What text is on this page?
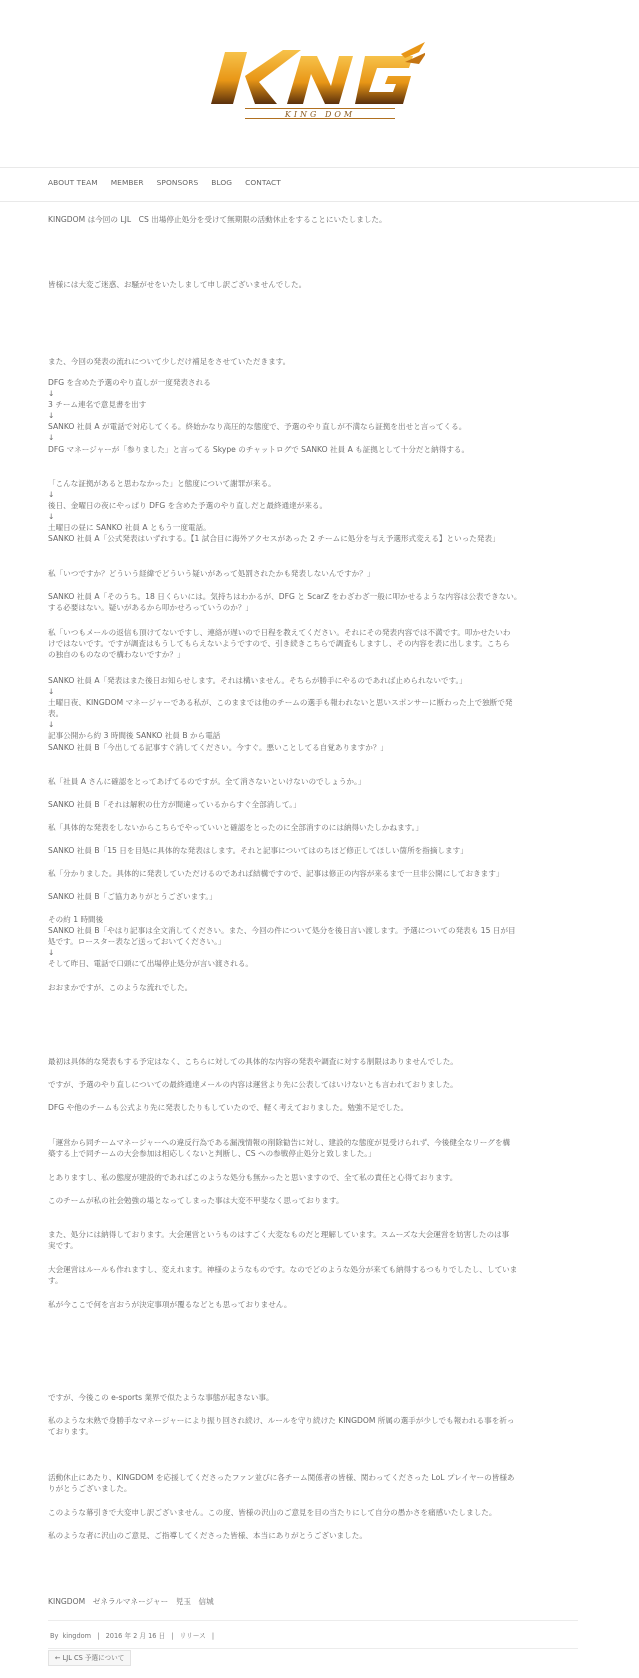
KING DOM
ABOUT TEAM MEMBER SPONSORS BLOG CONTACT

KINGDOM は今回の LJL　CS 出場停止処分を受けて無期限の活動休止をすることにいたしました。

皆様には大変ご迷惑、お騒がせをいたしまして申し訳ございませんでした。

また、今回の発表の流れについて少しだけ補足をさせていただきます。

DFG を含めた予選のやり直しが一度発表される
↓
3 チーム連名で意見書を出す
↓
SANKO 社員 A が電話で対応してくる。終始かなり高圧的な態度で、予選のやり直しが不満なら証拠を出せと言ってくる。
↓
DFG マネージャーが「参りました」と言ってる Skype のチャットログで SANKO 社員 A も証拠として十分だと納得する。

「こんな証拠があると思わなかった」と態度について謝罪が来る。
↓
後日、金曜日の夜にやっぱり DFG を含めた予選のやり直しだと最終通達が来る。
↓
土曜日の昼に SANKO 社員 A ともう一度電話。
SANKO 社員 A「公式発表はいずれする。【1 試合目に海外アクセスがあった 2 チームに処分を与え予選形式変える】といった発表」

私「いつですか？どういう経緯でどういう疑いがあって処罰されたかも発表しないんですか？」

SANKO 社員 A「そのうち。18 日くらいには。気持ちはわかるが、DFG と ScarZ をわざわざ一般に叩かせるような内容は公表できない。
する必要はない。疑いがあるから叩かせろっていうのか？」

私「いつもメールの返信も頂けてないですし、連絡が遅いので日程を教えてください。それにその発表内容では不満です。叩かせたいわ
けではないです。ですが調査はもうしてもらえないようですので、引き続きこちらで調査もしますし、その内容を表に出します。こちら
の独自のものなので構わないですか？」

SANKO 社員 A「発表はまた後日お知らせします。それは構いません。そちらが勝手にやるのであれば止められないです。」
↓
土曜日夜、KINGDOM マネージャーである私が、このままでは他のチームの選手も報われないと思いスポンサーに断わった上で独断で発
表。
↓
記事公開から約 3 時間後 SANKO 社員 B から電話
SANKO 社員 B「今出してる記事すぐ消してください。今すぐ。悪いことしてる自覚ありますか？」

私「社員 A さんに確認をとってあげてるのですが。全て消さないといけないのでしょうか。」

SANKO 社員 B「それは解釈の仕方が間違っているからすぐ全部消して。」

私「具体的な発表をしないからこちらでやっていいと確認をとったのに全部消すのには納得いたしかねます。」

SANKO 社員 B「15 日を目処に具体的な発表はします。それと記事についてはのちほど修正してほしい箇所を指摘します」

私「分かりました。具体的に発表していただけるのであれば結構ですので、記事は修正の内容が来るまで一旦非公開にしておきます」

SANKO 社員 B「ご協力ありがとうございます。」

その約 1 時間後
SANKO 社員 B「やはり記事は全文消してください。また、今回の件について処分を後日言い渡します。予選についての発表も 15 日が目
処です。ロースター表など送っておいてください。」
↓
そして昨日、電話で口頭にて出場停止処分が言い渡される。

おおまかですが、このような流れでした。

最初は具体的な発表もする予定はなく、こちらに対しての具体的な内容の発表や調査に対する制限はありませんでした。

ですが、予選のやり直しについての最終通達メールの内容は運営より先に公表してはいけないとも言われておりました。

DFG や他のチームも公式より先に発表したりもしていたので、軽く考えておりました。勉強不足でした。

「運営から同チームマネージャーへの違反行為である漏洩情報の削除勧告に対し、建設的な態度が見受けられず、今後健全なリーグを構
築する上で同チームの大会参加は相応しくないと判断し、CS への参戦停止処分と致しました。」

とありますし、私の態度が建設的であればこのような処分も無かったと思いますので、全て私の責任と心得ております。

このチームが私の社会勉強の場となってしまった事は大変不甲斐なく思っております。

また、処分には納得しております。大会運営というものはすごく大変なものだと理解しています。スムーズな大会運営を妨害したのは事
実です。

大会運営はルールも作れますし、変えれます。神様のようなものです。なのでどのような処分が来ても納得するつもりでしたし、していま
す。

私が今ここで何を言おうが決定事項が覆るなどとも思っておりません。

ですが、今後この e-sports 業界で似たような事態が起きない事。

私のような未熟で身勝手なマネージャーにより振り回され続け、ルールを守り続けた KINGDOM 所属の選手が少しでも報われる事を祈っ
ております。

活動休止にあたり、KINGDOM を応援してくださったファン並びに各チーム関係者の皆様、関わってくださった LoL プレイヤーの皆様あ
りがとうございました。

このような幕引きで大変申し訳ございません。この度、皆様の沢山のご意見を目の当たりにして自分の愚かさを痛感いたしました。

私のような者に沢山のご意見、ご指導してくださった皆様、本当にありがとうございました。

KINGDOM　ゼネラルマネージャー　児玉　信城

By kingdom | 2016 年 2 月 16 日 | リリース |
← LJL CS 予選について
